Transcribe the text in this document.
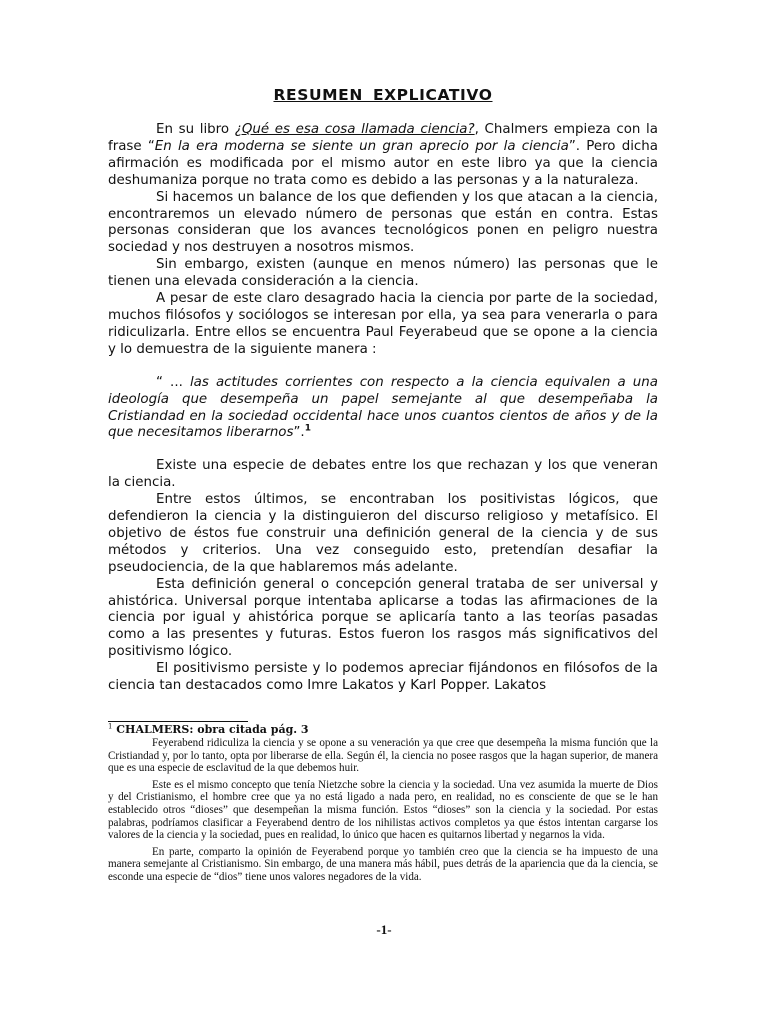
RESUMEN EXPLICATIVO

En su libro ¿Qué es esa cosa llamada ciencia?, Chalmers empieza con la frase “En la era moderna se siente un gran aprecio por la ciencia”. Pero dicha afirmación es modificada por el mismo autor en este libro ya que la ciencia deshumaniza porque no trata como es debido a las personas y a la naturaleza.

Si hacemos un balance de los que defienden y los que atacan a la ciencia, encontraremos un elevado número de personas que están en contra. Estas personas consideran que los avances tecnológicos ponen en peligro nuestra sociedad y nos destruyen a nosotros mismos.

Sin embargo, existen (aunque en menos número) las personas que le tienen una elevada consideración a la ciencia.

A pesar de este claro desagrado hacia la ciencia por parte de la sociedad, muchos filósofos y sociólogos se interesan por ella, ya sea para venerarla o para ridiculizarla. Entre ellos se encuentra Paul Feyerabeud que se opone a la ciencia y lo demuestra de la siguiente manera :

“ ... las actitudes corrientes con respecto a la ciencia equivalen a una ideología que desempeña un papel semejante al que desempeñaba la Cristiandad en la sociedad occidental hace unos cuantos cientos de años y de la que necesitamos liberarnos”.$^1$

Existe una especie de debates entre los que rechazan y los que veneran la ciencia.

Entre estos últimos, se encontraban los positivistas lógicos, que defendieron la ciencia y la distinguieron del discurso religioso y metafísico. El objetivo de éstos fue construir una definición general de la ciencia y de sus métodos y criterios. Una vez conseguido esto, pretendían desafiar la pseudociencia, de la que hablaremos más adelante.

Esta definición general o concepción general trataba de ser universal y ahistórica. Universal porque intentaba aplicarse a todas las afirmaciones de la ciencia por igual y ahistórica porque se aplicaría tanto a las teorías pasadas como a las presentes y futuras. Estos fueron los rasgos más significativos del positivismo lógico.

El positivismo persiste y lo podemos apreciar fijándonos en filósofos de la ciencia tan destacados como Imre Lakatos y Karl Popper. Lakatos

$^1$ CHALMERS: obra citada pág. 3

Feyerabend ridiculiza la ciencia y se opone a su veneración ya que cree que desempeña la misma función que la Cristiandad y, por lo tanto, opta por liberarse de ella. Según él, la ciencia no posee rasgos que la hagan superior, de manera que es una especie de esclavitud de la que debemos huir.

Este es el mismo concepto que tenía Nietzche sobre la ciencia y la sociedad. Una vez asumida la muerte de Dios y del Cristianismo, el hombre cree que ya no está ligado a nada pero, en realidad, no es consciente de que se le han establecido otros “dioses” que desempeñan la misma función. Estos “dioses” son la ciencia y la sociedad. Por estas palabras, podríamos clasificar a Feyerabend dentro de los nihilistas activos completos ya que éstos intentan cargarse los valores de la ciencia y la sociedad, pues en realidad, lo único que hacen es quitarnos libertad y negarnos la vida.

En parte, comparto la opinión de Feyerabend porque yo también creo que la ciencia se ha impuesto de una manera semejante al Cristianismo. Sin embargo, de una manera más hábil, pues detrás de la apariencia que da la ciencia, se esconde una especie de “dios” tiene unos valores negadores de la vida.

-1-
